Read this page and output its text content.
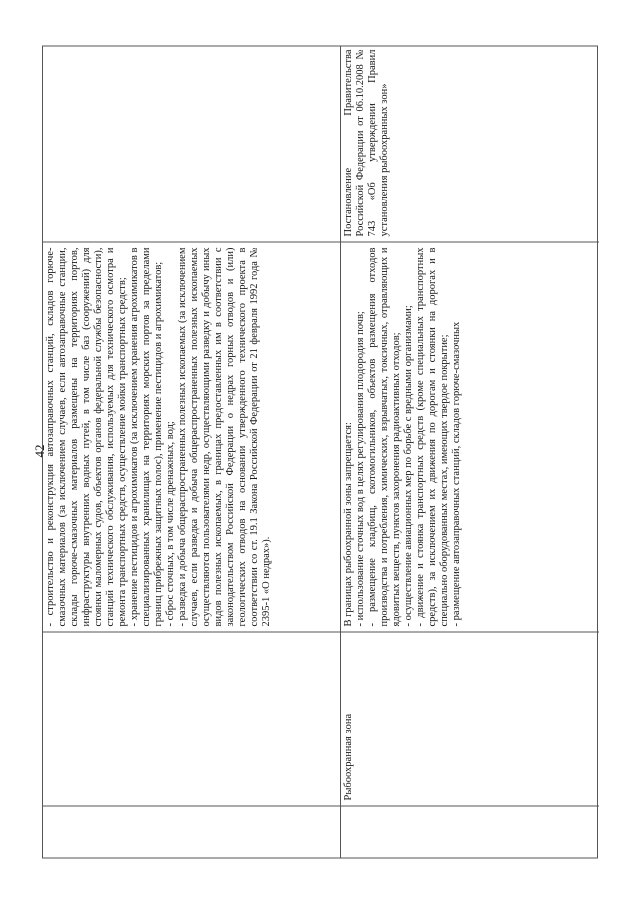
42

- строительство и реконструкция автозаправочных станций, складов горюче-смазочных материалов (за исключением случаев, если автозаправочные станции, склады горюче-смазочных материалов размещены на территориях портов, инфраструктуры внутренних водных путей, в том числе баз (сооружений) для стоянки маломерных судов, объектов органов федеральной службы безопасности), станций технического обслуживания, используемых для технического осмотра и ремонта транспортных средств, осуществление мойки транспортных средств; - хранение пестицидов и агрохимикатов (за исключением хранения агрохимикатов в специализированных хранилищах на территориях морских портов за пределами границ прибрежных защитных полос), применение пестицидов и агрохимикатов; - сброс сточных, в том числе дренажных, вод; - разведка и добыча общераспространенных полезных ископаемых (за исключением случаев, если разведка и добыча общераспространенных полезных ископаемых осуществляются пользователями недр, осуществляющими разведку и добычу иных видов полезных ископаемых, в границах предоставленных им в соответствии с законодательством Российской Федерации о недрах горных отводов и (или) геологических отводов на основании утвержденного технического проекта в соответствии со ст. 19.1 Закона Российской Федерации от 21 февраля 1992 года № 2395-1 «О недрах»).

Рыбоохранная зона

В границах рыбоохранной зоны запрещается: - использование сточных вод в целях регулирования плодородия почв; - размещение кладбищ, скотомогильников, объектов размещения отходов производства и потребления, химических, взрывчатых, токсичных, отравляющих и ядовитых веществ, пунктов захоронения радиоактивных отходов; - осуществление авиационных мер по борьбе с вредными организмами; - движение и стоянка транспортных средств (кроме специальных транспортных средств), за исключением их движения по дорогам и стоянки на дорогах и в специально оборудованных местах, имеющих твердое покрытие; - размещение автозаправочных станций, складов горюче-смазочных

Постановление Правительства Российской Федерации от 06.10.2008 № 743 «Об утверждении Правил установления рыбоохранных зон»
